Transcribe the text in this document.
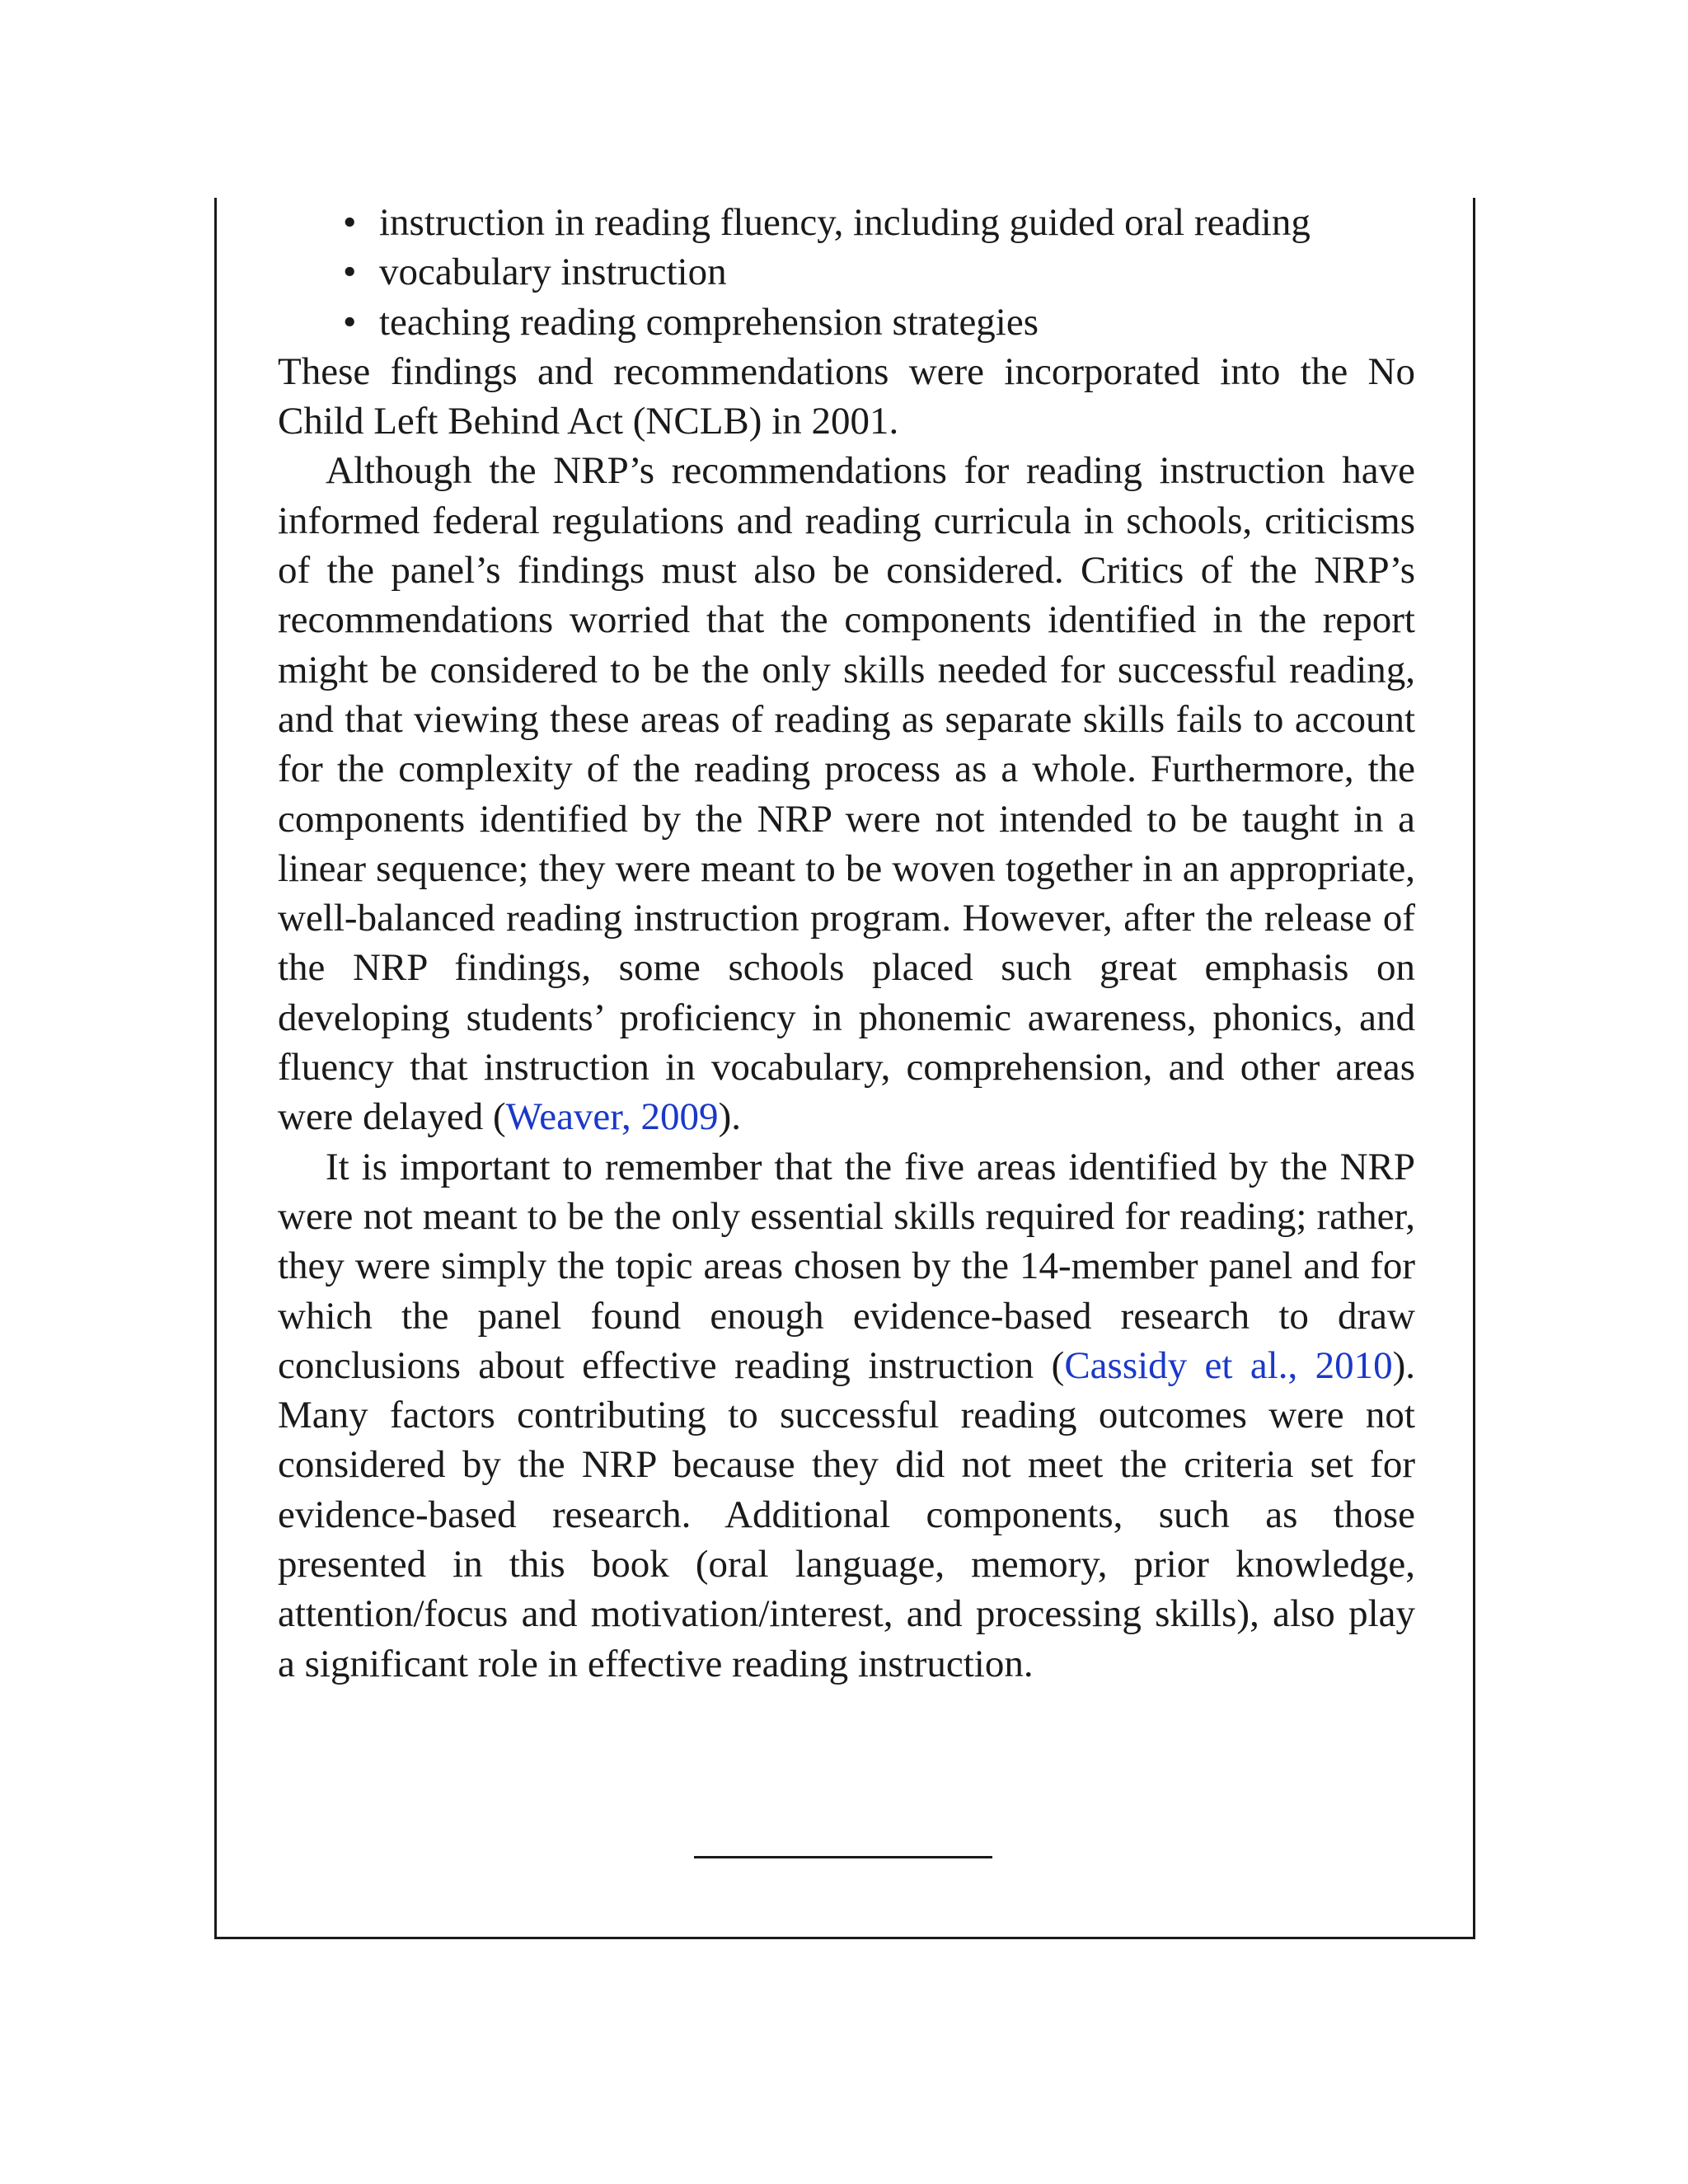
• instruction in reading fluency, including guided oral reading
• vocabulary instruction
• teaching reading comprehension strategies

These findings and recommendations were incorporated into the No Child Left Behind Act (NCLB) in 2001.

Although the NRP’s recommendations for reading instruction have informed federal regulations and reading curricula in schools, criticisms of the panel’s findings must also be considered. Critics of the NRP’s recommendations worried that the components identified in the report might be considered to be the only skills needed for successful reading, and that viewing these areas of reading as separate skills fails to account for the complexity of the reading process as a whole. Furthermore, the components identified by the NRP were not intended to be taught in a linear sequence; they were meant to be woven together in an appropriate, well-balanced reading instruction program. However, after the release of the NRP findings, some schools placed such great emphasis on developing students’ proficiency in phonemic awareness, phonics, and fluency that instruction in vocabulary, comprehension, and other areas were delayed (Weaver, 2009).

It is important to remember that the five areas identified by the NRP were not meant to be the only essential skills required for reading; rather, they were simply the topic areas chosen by the 14-member panel and for which the panel found enough evidence-based research to draw conclusions about effective reading instruction (Cassidy et al., 2010). Many factors contributing to successful reading outcomes were not considered by the NRP because they did not meet the criteria set for evidence-based research. Additional components, such as those presented in this book (oral language, memory, prior knowledge, attention/focus and motivation/interest, and processing skills), also play a significant role in effective reading instruction.
